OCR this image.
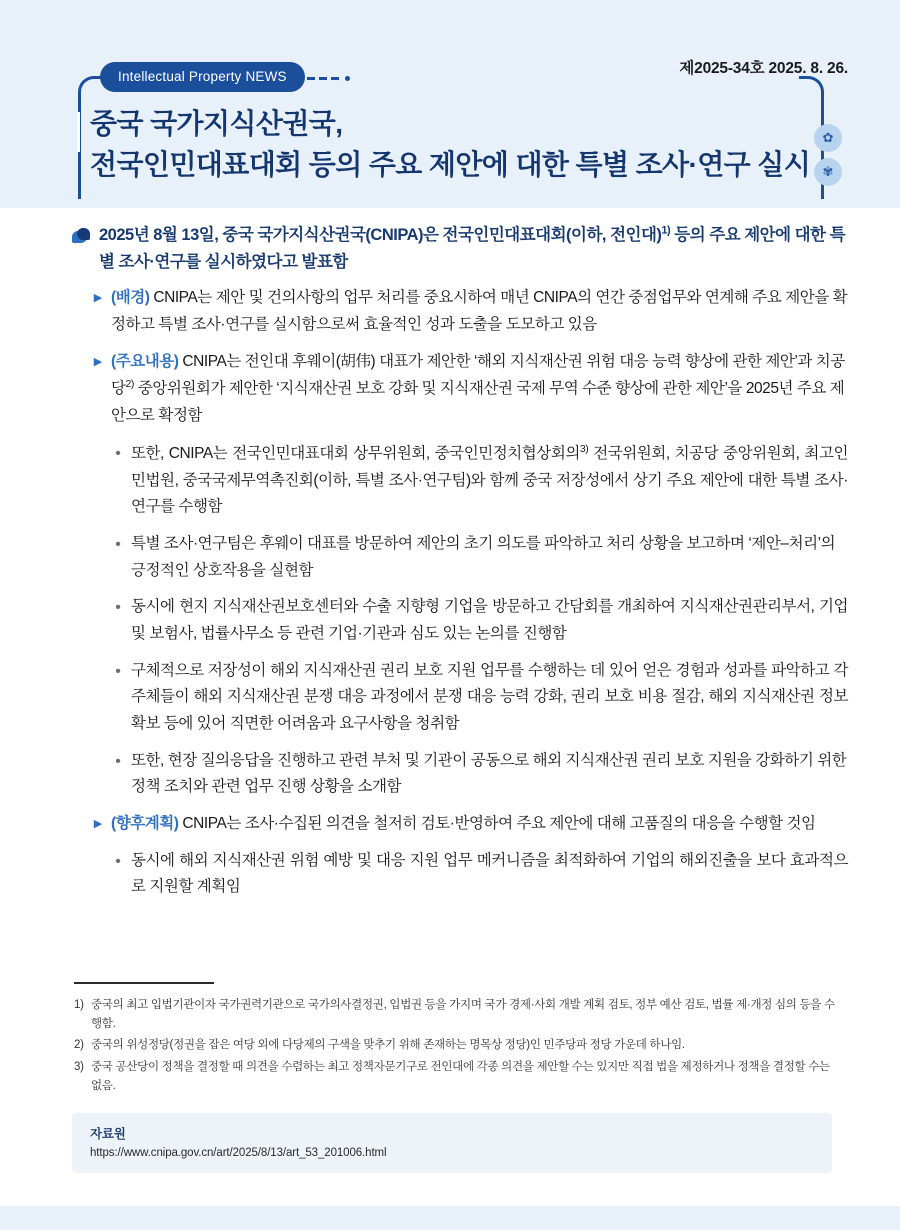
제2025-34호 2025. 8. 26.
Intellectual Property NEWS
중국 국가지식산권국,
전국인민대표대회 등의 주요 제안에 대한 특별 조사·연구 실시
✿
✾
2025년 8월 13일, 중국 국가지식산권국(CNIPA)은 전국인민대표대회(이하, 전인대)$^{1)}$ 등의 주요 제안에 대한 특별 조사·연구를 실시하였다고 발표함
▶ (배경) CNIPA는 제안 및 건의사항의 업무 처리를 중요시하여 매년 CNIPA의 연간 중점업무와 연계해 주요 제안을 확정하고 특별 조사·연구를 실시함으로써 효율적인 성과 도출을 도모하고 있음
▶ (주요내용) CNIPA는 전인대 후웨이(胡伟) 대표가 제안한 ‘해외 지식재산권 위험 대응 능력 향상에 관한 제안’과 치공당$^{2)}$ 중앙위원회가 제안한 ‘지식재산권 보호 강화 및 지식재산권 국제 무역 수준 향상에 관한 제안’을 2025년 주요 제안으로 확정함
• 또한, CNIPA는 전국인민대표대회 상무위원회, 중국인민정치협상회의$^{3)}$ 전국위원회, 치공당 중앙위원회, 최고인민법원, 중국국제무역촉진회(이하, 특별 조사·연구팀)와 함께 중국 저장성에서 상기 주요 제안에 대한 특별 조사·연구를 수행함
• 특별 조사·연구팀은 후웨이 대표를 방문하여 제안의 초기 의도를 파악하고 처리 상황을 보고하며 ‘제안–처리’의 긍정적인 상호작용을 실현함
• 동시에 현지 지식재산권보호센터와 수출 지향형 기업을 방문하고 간담회를 개최하여 지식재산권관리부서, 기업 및 보험사, 법률사무소 등 관련 기업·기관과 심도 있는 논의를 진행함
• 구체적으로 저장성이 해외 지식재산권 권리 보호 지원 업무를 수행하는 데 있어 얻은 경험과 성과를 파악하고 각 주체들이 해외 지식재산권 분쟁 대응 과정에서 분쟁 대응 능력 강화, 권리 보호 비용 절감, 해외 지식재산권 정보 확보 등에 있어 직면한 어려움과 요구사항을 청취함
• 또한, 현장 질의응답을 진행하고 관련 부처 및 기관이 공동으로 해외 지식재산권 권리 보호 지원을 강화하기 위한 정책 조치와 관련 업무 진행 상황을 소개함
▶ (향후계획) CNIPA는 조사·수집된 의견을 철저히 검토·반영하여 주요 제안에 대해 고품질의 대응을 수행할 것임
• 동시에 해외 지식재산권 위험 예방 및 대응 지원 업무 메커니즘을 최적화하여 기업의 해외진출을 보다 효과적으로 지원할 계획임
1) 중국의 최고 입법기관이자 국가권력기관으로 국가의사결정권, 입법권 등을 가지며 국가 경제·사회 개발 계획 검토, 정부 예산 검토, 법률 제·개정 심의 등을 수행함.
2) 중국의 위성정당(정권을 잡은 여당 외에 다당제의 구색을 맞추기 위해 존재하는 명목상 정당)인 민주당파 정당 가운데 하나임.
3) 중국 공산당이 정책을 결정할 때 의견을 수렴하는 최고 정책자문기구로 전인대에 각종 의견을 제안할 수는 있지만 직접 법을 제정하거나 정책을 결정할 수는 없음.
자료원
https://www.cnipa.gov.cn/art/2025/8/13/art_53_201006.html
